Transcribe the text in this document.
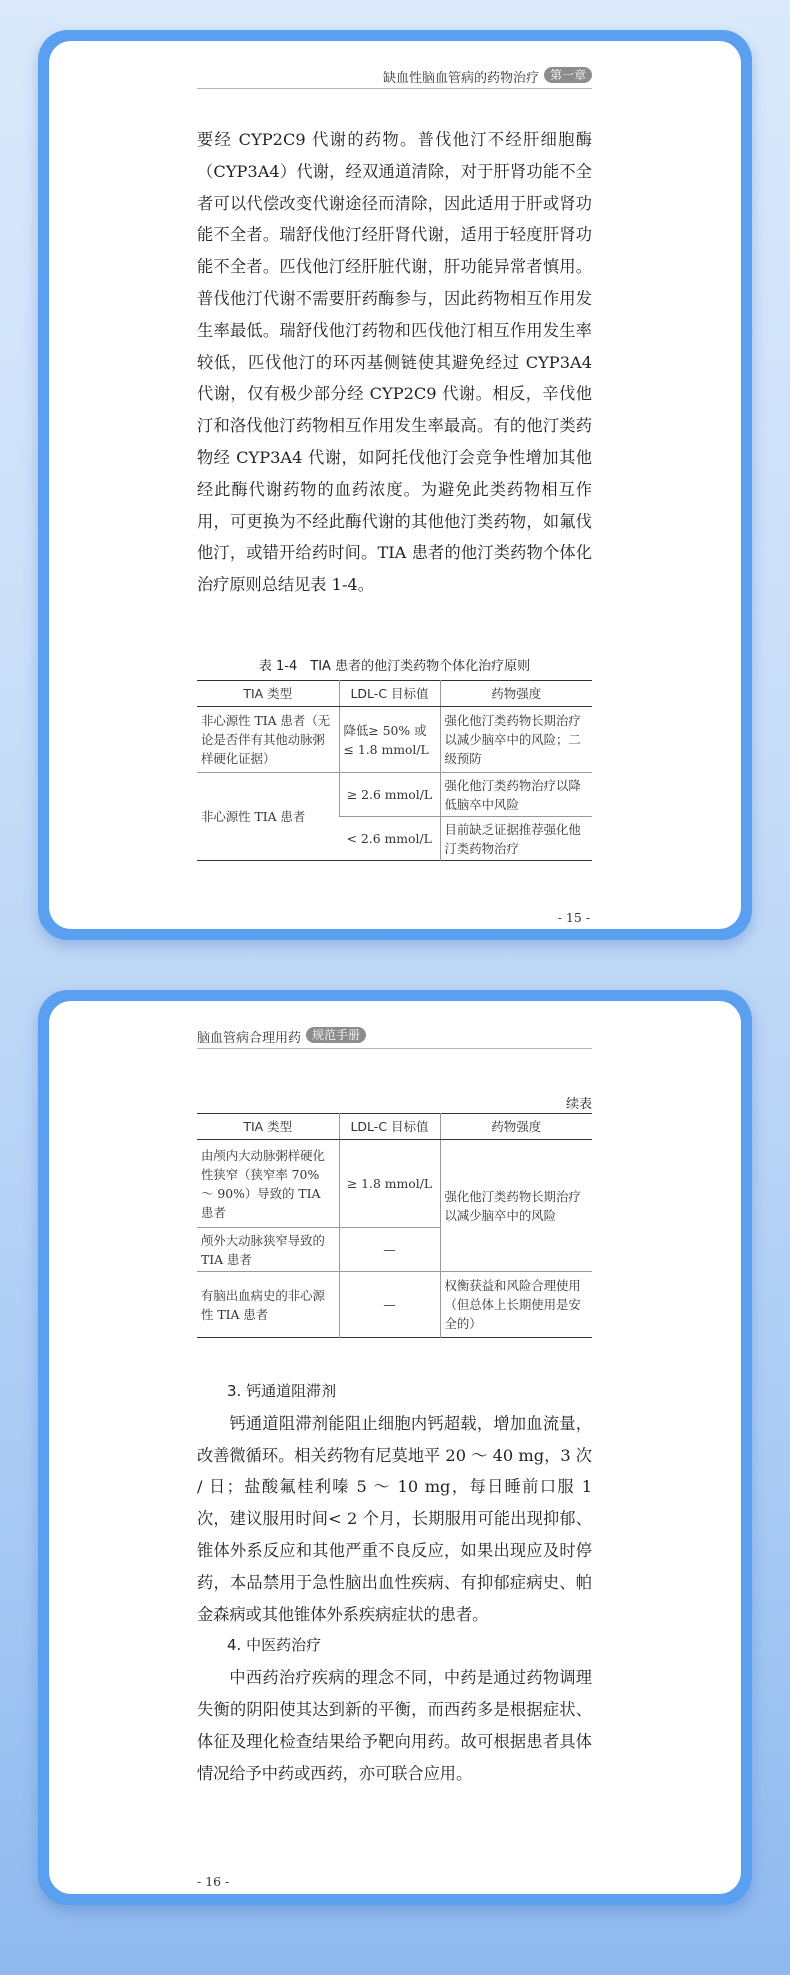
缺血性脑血管病的药物治疗 第一章

要经 CYP2C9 代谢的药物。普伐他汀不经肝细胞酶（CYP3A4）代谢，经双通道清除，对于肝肾功能不全者可以代偿改变代谢途径而清除，因此适用于肝或肾功能不全者。瑞舒伐他汀经肝肾代谢，适用于轻度肝肾功能不全者。匹伐他汀经肝脏代谢，肝功能异常者慎用。普伐他汀代谢不需要肝药酶参与，因此药物相互作用发生率最低。瑞舒伐他汀药物和匹伐他汀相互作用发生率较低，匹伐他汀的环丙基侧链使其避免经过 CYP3A4 代谢，仅有极少部分经 CYP2C9 代谢。相反，辛伐他汀和洛伐他汀药物相互作用发生率最高。有的他汀类药物经 CYP3A4 代谢，如阿托伐他汀会竞争性增加其他经此酶代谢药物的血药浓度。为避免此类药物相互作用，可更换为不经此酶代谢的其他他汀类药物，如氟伐他汀，或错开给药时间。TIA 患者的他汀类药物个体化治疗原则总结见表 1-4。

表 1-4　TIA 患者的他汀类药物个体化治疗原则
TIA 类型	LDL-C 目标值	药物强度
非心源性 TIA 患者（无论是否伴有其他动脉粥样硬化证据）	降低≥ 50% 或≤ 1.8 mmol/L	强化他汀类药物长期治疗以减少脑卒中的风险；二级预防
非心源性 TIA 患者	≥ 2.6 mmol/L	强化他汀类药物治疗以降低脑卒中风险
	< 2.6 mmol/L	目前缺乏证据推荐强化他汀类药物治疗
- 15 -
脑血管病合理用药 规范手册
续表
TIA 类型	LDL-C 目标值	药物强度
由颅内大动脉粥样硬化性狭窄（狭窄率 70% ～ 90%）导致的 TIA 患者	≥ 1.8 mmol/L	强化他汀类药物长期治疗以减少脑卒中的风险
颅外大动脉狭窄导致的 TIA 患者	—	
有脑出血病史的非心源性 TIA 患者	—	权衡获益和风险合理使用（但总体上长期使用是安全的）
3. 钙通道阻滞剂

钙通道阻滞剂能阻止细胞内钙超载，增加血流量，改善微循环。相关药物有尼莫地平 20 ～ 40 mg，3 次 / 日；盐酸氟桂利嗪 5 ～ 10 mg，每日睡前口服 1 次，建议服用时间< 2 个月，长期服用可能出现抑郁、锥体外系反应和其他严重不良反应，如果出现应及时停药，本品禁用于急性脑出血性疾病、有抑郁症病史、帕金森病或其他锥体外系疾病症状的患者。

4. 中医药治疗

中西药治疗疾病的理念不同，中药是通过药物调理失衡的阴阳使其达到新的平衡，而西药多是根据症状、体征及理化检查结果给予靶向用药。故可根据患者具体情况给予中药或西药，亦可联合应用。

- 16 -
